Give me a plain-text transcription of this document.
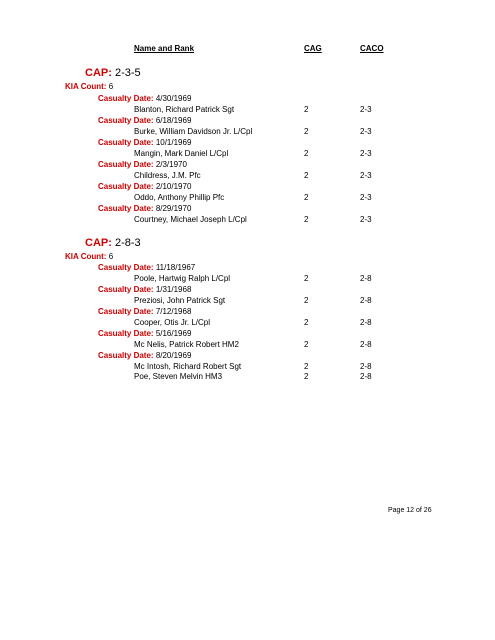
Name and Rank	CAG	CACO
CAP: 2-3-5
KIA Count: 6
Casualty Date: 4/30/1969
Blanton, Richard Patrick Sgt	2	2-3
Casualty Date: 6/18/1969
Burke, William Davidson Jr. L/Cpl	2	2-3
Casualty Date: 10/1/1969
Mangin, Mark Daniel L/Cpl	2	2-3
Casualty Date: 2/3/1970
Childress, J.M. Pfc	2	2-3
Casualty Date: 2/10/1970
Oddo, Anthony Phillip Pfc	2	2-3
Casualty Date: 8/29/1970
Courtney, Michael Joseph L/Cpl	2	2-3
CAP: 2-8-3
KIA Count: 6
Casualty Date: 11/18/1967
Poole, Hartwig Ralph L/Cpl	2	2-8
Casualty Date: 1/31/1968
Preziosi, John Patrick Sgt	2	2-8
Casualty Date: 7/12/1968
Cooper, Otis Jr. L/Cpl	2	2-8
Casualty Date: 5/16/1969
Mc Nelis, Patrick Robert HM2	2	2-8
Casualty Date: 8/20/1969
Mc Intosh, Richard Robert Sgt	2	2-8
Poe, Steven Melvin HM3	2	2-8
Page 12 of 26
